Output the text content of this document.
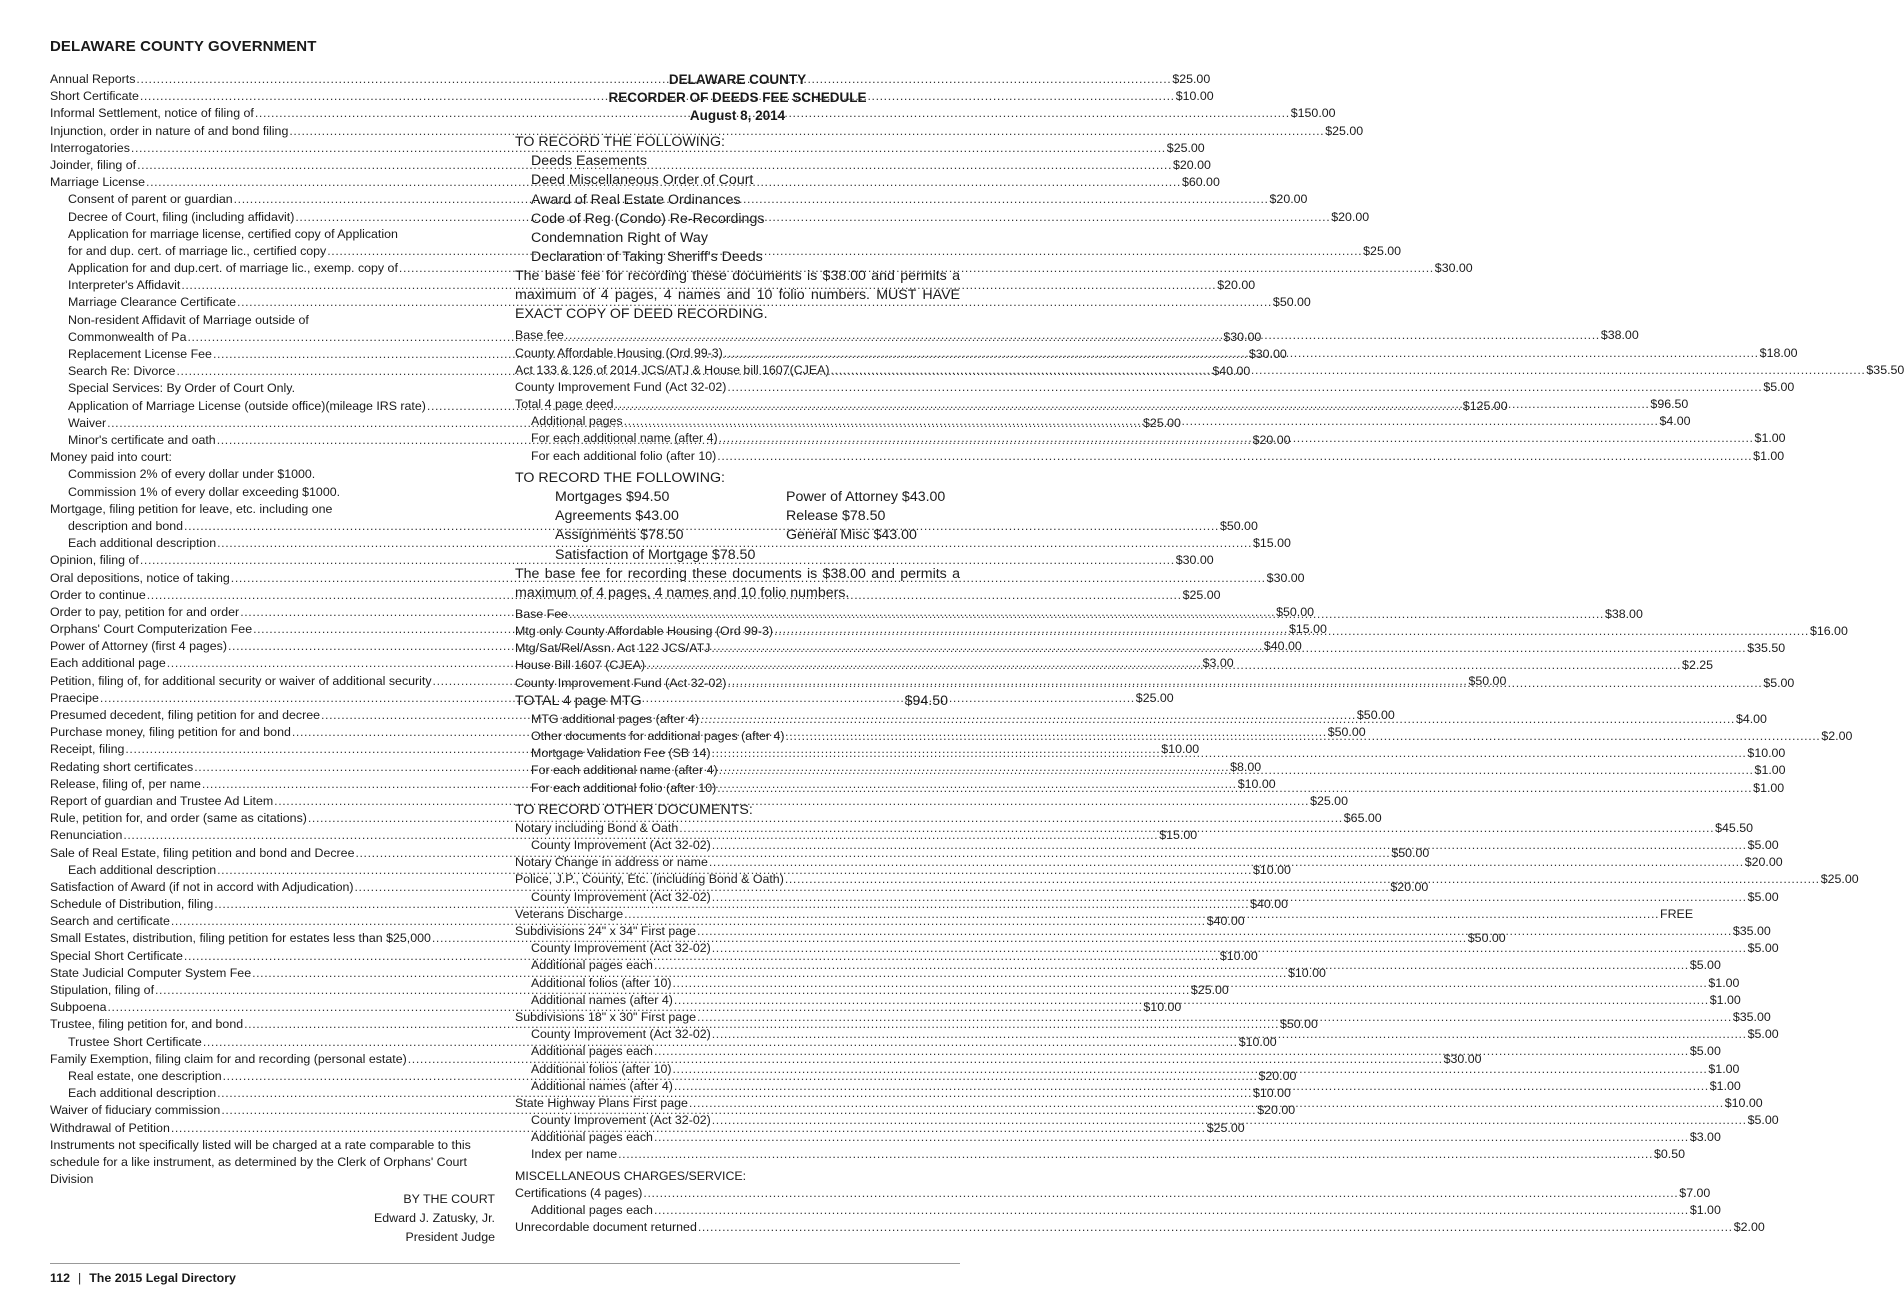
DELAWARE COUNTY GOVERNMENT
Annual Reports .....	$25.00
Short Certificate .....	$10.00
Informal Settlement, notice of filing of .....	$150.00
Injunction, order in nature of and bond filing .....	$25.00
Interrogatories .....	$25.00
Joinder, filing of .....	$20.00
Marriage License .....	$60.00
Consent of parent or guardian .....	$20.00
Decree of Court, filing (including affidavit) .....	$20.00
Application for marriage license, certified copy of Application
for and dup. cert. of marriage lic., certified copy .....	$25.00
Application for and dup.cert. of marriage lic., exemp. copy of .....	$30.00
Interpreter's Affidavit .....	$20.00
Marriage Clearance Certificate .....	$50.00
Non-resident Affidavit of Marriage outside of
Commonwealth of Pa .....	$30.00
Replacement License Fee .....	$30.00
Search Re: Divorce .....	$40.00
Special Services: By Order of Court Only.
Application of Marriage License (outside office)(mileage IRS rate) .....	$125.00
Waiver .....	$25.00
Minor's certificate and oath .....	$20.00
Money paid into court:
Commission 2% of every dollar under $1000.
Commission 1% of every dollar exceeding $1000.
Mortgage, filing petition for leave, etc. including one
description and bond .....	$50.00
Each additional description .....	$15.00
Opinion, filing of .....	$30.00
Oral depositions, notice of taking .....	$30.00
Order to continue .....	$25.00
Order to pay, petition for and order .....	$50.00
Orphans' Court Computerization Fee .....	$15.00
Power of Attorney (first 4 pages) .....	$40.00
Each additional page .....	$3.00
Petition, filing of, for additional security or waiver of additional security .....	$50.00
Praecipe .....	$25.00
Presumed decedent, filing petition for and decree .....	$50.00
Purchase money, filing petition for and bond .....	$50.00
Receipt, filing .....	$10.00
Redating short certificates .....	$8.00
Release, filing of, per name .....	$10.00
Report of guardian and Trustee Ad Litem .....	$25.00
Rule, petition for, and order (same as citations) .....	$65.00
Renunciation .....	$15.00
Sale of Real Estate, filing petition and bond and Decree .....	$50.00
Each additional description .....	$10.00
Satisfaction of Award (if not in accord with Adjudication) .....	$20.00
Schedule of Distribution, filing .....	$40.00
Search and certificate .....	$40.00
Small Estates, distribution, filing petition for estates less than $25,000 .....	$50.00
Special Short Certificate .....	$10.00
State Judicial Computer System Fee .....	$10.00
Stipulation, filing of .....	$25.00
Subpoena .....	$10.00
Trustee, filing petition for, and bond .....	$50.00
Trustee Short Certificate .....	$10.00
Family Exemption, filing claim for and recording (personal estate) .....	$30.00
Real estate, one description .....	$20.00
Each additional description .....	$10.00
Waiver of fiduciary commission .....	$20.00
Withdrawal of Petition .....	$25.00
Instruments not specifically listed will be charged at a rate comparable to this schedule for a like instrument, as determined by the Clerk of Orphans' Court Division
BY THE COURT
Edward J. Zatusky, Jr.
President Judge
DELAWARE COUNTY
RECORDER OF DEEDS FEE SCHEDULE
August 8, 2014
TO RECORD THE FOLLOWING:
Deeds Easements
Deed Miscellaneous Order of Court
Award of Real Estate Ordinances
Code of Reg (Condo) Re-Recordings
Condemnation Right of Way
Declaration of Taking Sheriff's Deeds
The base fee for recording these documents is $38.00 and permits a maximum of 4 pages, 4 names and 10 folio numbers. MUST HAVE EXACT COPY OF DEED RECORDING.
Base fee .....	$38.00
County Affordable Housing (Ord 99-3) .....	$18.00
Act 133 & 126 of 2014 JCS/ATJ & House bill 1607(CJEA) .....	$35.50
County Improvement Fund (Act 32-02) .....	$5.00
Total 4 page deed .....	$96.50
Additional pages .....	$4.00
For each additional name (after 4) .....	$1.00
For each additional folio (after 10) .....	$1.00
TO RECORD THE FOLLOWING:
Mortgages $94.50	Power of Attorney $43.00
Agreements $43.00	Release $78.50
Assignments $78.50	General Misc $43.00
Satisfaction of Mortgage $78.50
The base fee for recording these documents is $38.00 and permits a maximum of 4 pages, 4 names and 10 folio numbers.
Base Fee .....	$38.00
Mtg only County Affordable Housing (Ord 99-3) .....	$16.00
Mtg/Sat/Rel/Assn. Act 122 JCS/ATJ .....	$35.50
House Bill 1607 (CJEA) .....	$2.25
County Improvement Fund (Act 32-02) .....	$5.00
TOTAL 4 page MTG	$94.50
MTG additional pages (after 4) .....	$4.00
Other documents for additional pages (after 4) .....	$2.00
Mortgage Validation Fee (SB 14) .....	$10.00
For each additional name (after 4) .....	$1.00
For each additional folio (after 10) .....	$1.00
TO RECORD OTHER DOCUMENTS:
Notary including Bond & Oath .....	$45.50
County Improvement (Act 32-02) .....	$5.00
Notary Change in address or name .....	$20.00
Police, J.P., County, Etc. (including Bond & Oath) .....	$25.00
County Improvement (Act 32-02) .....	$5.00
Veterans Discharge .....	FREE
Subdivisions 24" x 34" First page .....	$35.00
County Improvement (Act 32-02) .....	$5.00
Additional pages each .....	$5.00
Additional folios (after 10) .....	$1.00
Additional names (after 4) .....	$1.00
Subdivisions 18" x 30" First page .....	$35.00
County Improvement (Act 32-02) .....	$5.00
Additional pages each .....	$5.00
Additional folios (after 10) .....	$1.00
Additional names (after 4) .....	$1.00
State Highway Plans First page .....	$10.00
County Improvement (Act 32-02) .....	$5.00
Additional pages each .....	$3.00
Index per name .....	$0.50
MISCELLANEOUS CHARGES/SERVICE:
Certifications (4 pages) .....	$7.00
Additional pages each .....	$1.00
Unrecordable document returned .....	$2.00
112 | The 2015 Legal Directory
